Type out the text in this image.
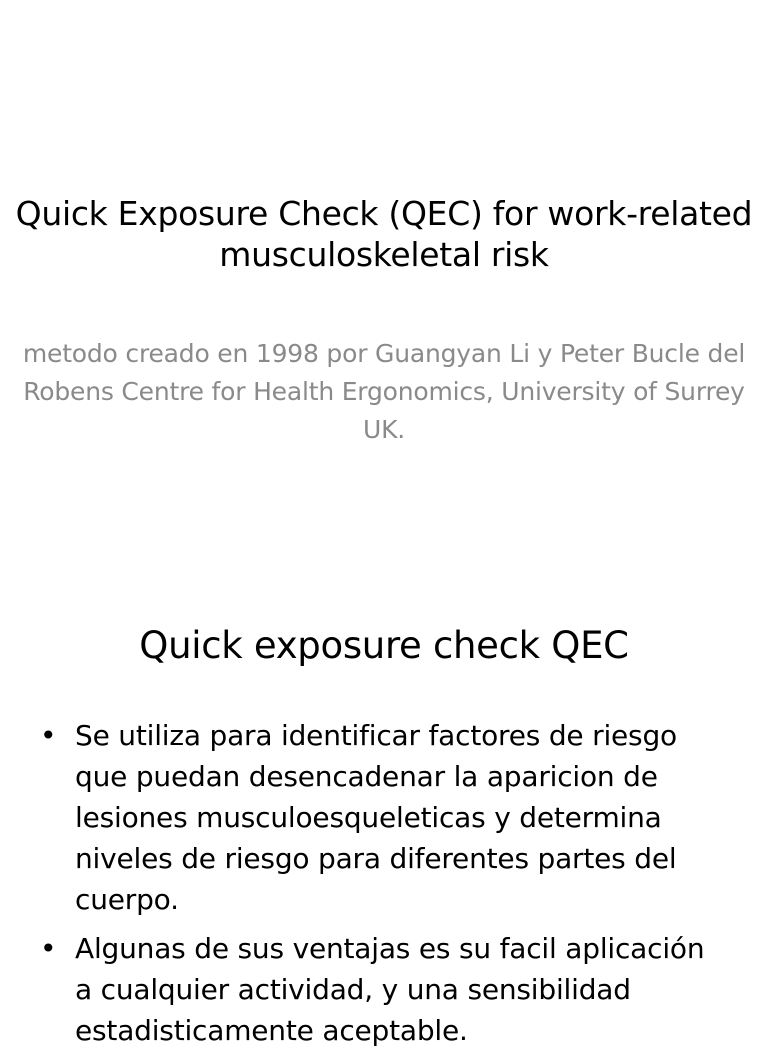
Quick Exposure Check (QEC) for work-related musculoskeletal risk
metodo creado en 1998 por Guangyan Li y Peter Bucle del Robens Centre for Health Ergonomics, University of Surrey UK.
Quick exposure check QEC
• Se utiliza para identificar factores de riesgo que puedan desencadenar la aparicion de lesiones musculoesqueleticas y determina niveles de riesgo para diferentes partes del cuerpo.
• Algunas de sus ventajas es su facil aplicación a cualquier actividad, y una sensibilidad estadisticamente aceptable.
